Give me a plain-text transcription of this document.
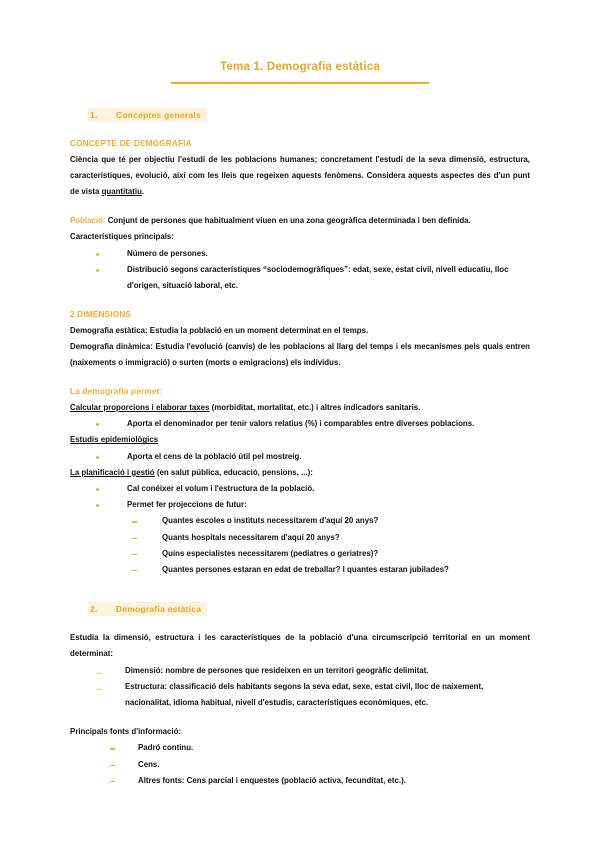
Tema 1. Demografia estàtica
1. Conceptes generals
CONCEPTE DE DEMOGRAFIA

Ciència que té per objectiu l'estudi de les poblacions humanes; concretament l'estudi de la seva dimensió, estructura, característiques, evolució, així com les lleis que regeixen aquests fenòmens. Considera aquests aspectes des d'un punt de vista quantitatiu.

Població: Conjunt de persones que habitualment viuen en una zona geogràfica determinada i ben definida.

Característiques principals:

Número de persones.
Distribució segons característiques “sociodemogràfiques”: edat, sexe, estat civil, nivell educatiu, lloc d'origen, situació laboral, etc.
2 DIMENSIONS

Demografia estàtica: Estudia la població en un moment determinat en el temps.

Demografia dinàmica: Estudia l'evolució (canvis) de les poblacions al llarg del temps i els mecanismes pels quals entren (naixements o immigració) o surten (morts o emigracions) els individus.

La demografia permet:

Calcular proporcions i elaborar taxes (morbiditat, mortalitat, etc.) i altres indicadors sanitaris.

Aporta el denominador per tenir valors relatius (%) i comparables entre diverses poblacions.

Estudis epidemiològics

Aporta el cens de la població útil pel mostreig.

La planificació i gestió (en salut pública, educació, pensions, ...):

Cal conéixer el volum i l'estructura de la població.
Permet fer projeccions de futur:
Quantes escoles o instituts necessitarem d'aquí 20 anys?
Quants hospitals necessitarem d'aquí 20 anys?
Quins especialistes necessitarem (pediatres o geriatres)?
Quantes persones estaran en edat de treballar? I quantes estaran jubilades?
2. Demografia estàtica

Estudia la dimensió, estructura i les característiques de la població d'una circumscripció territorial en un moment determinat:

→ Dimensió: nombre de persones que resideixen en un territori geogràfic delimitat.
→ Estructura: classificació dels habitants segons la seva edat, sexe, estat civil, lloc de naixement, nacionalitat, idioma habitual, nivell d'estudis, característiques econòmiques, etc.

Principals fonts d'informació:

Padró continu.
Cens.
Altres fonts: Cens parcial i enquestes (població activa, fecunditat, etc.).
